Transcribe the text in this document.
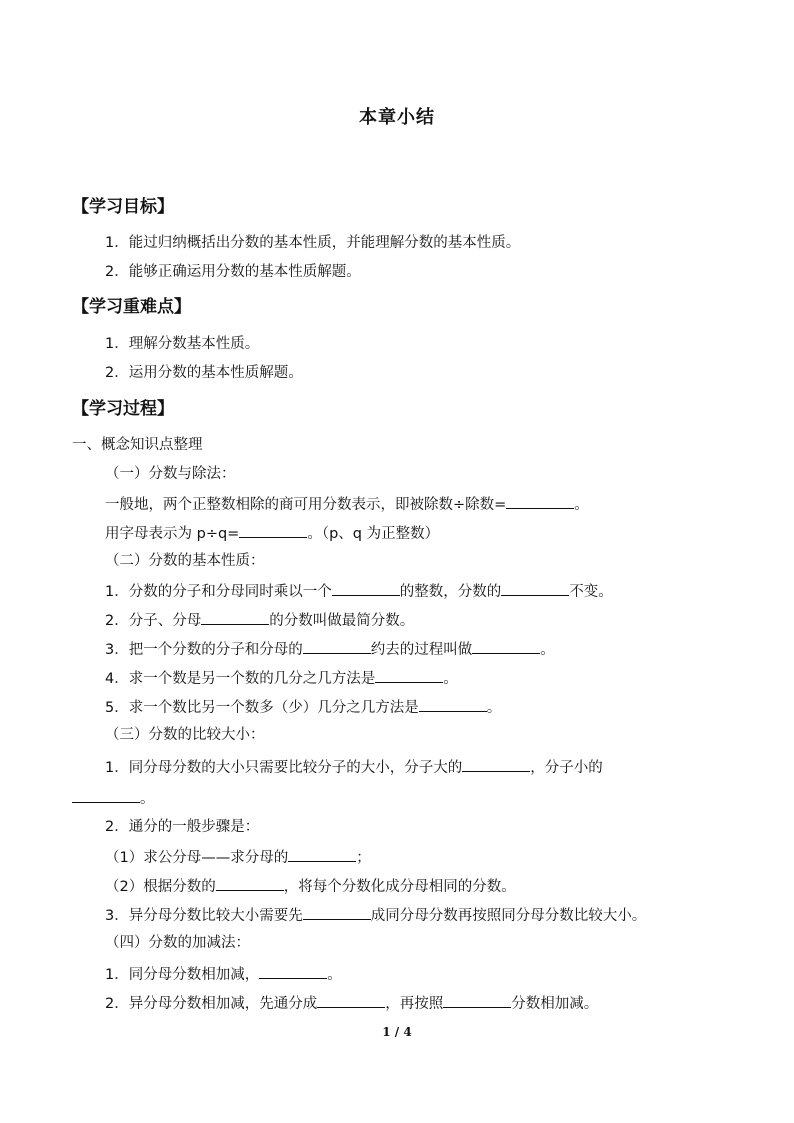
本章小结
【学习目标】
1．能过归纳概括出分数的基本性质，并能理解分数的基本性质。
2．能够正确运用分数的基本性质解题。
【学习重难点】
1．理解分数基本性质。
2．运用分数的基本性质解题。
【学习过程】
一、概念知识点整理
（一）分数与除法：
一般地，两个正整数相除的商可用分数表示，即被除数÷除数=	。
用字母表示为 p÷q=	。（p、q 为正整数）
（二）分数的基本性质：
1．分数的分子和分母同时乘以一个	的整数，分数的	不变。
2．分子、分母	的分数叫做最简分数。
3．把一个分数的分子和分母的	约去的过程叫做	。
4．求一个数是另一个数的几分之几方法是	。
5．求一个数比另一个数多（少）几分之几方法是	。
（三）分数的比较大小：
1．同分母分数的大小只需要比较分子的大小，分子大的	，分子小的
。
2．通分的一般步骤是：
（1）求公分母——求分母的	；
（2）根据分数的	，将每个分数化成分母相同的分数。
3．异分母分数比较大小需要先	成同分母分数再按照同分母分数比较大小。
（四）分数的加减法：
1．同分母分数相加减，	。
2．异分母分数相加减，先通分成	，再按照	分数相加减。
1 / 4
